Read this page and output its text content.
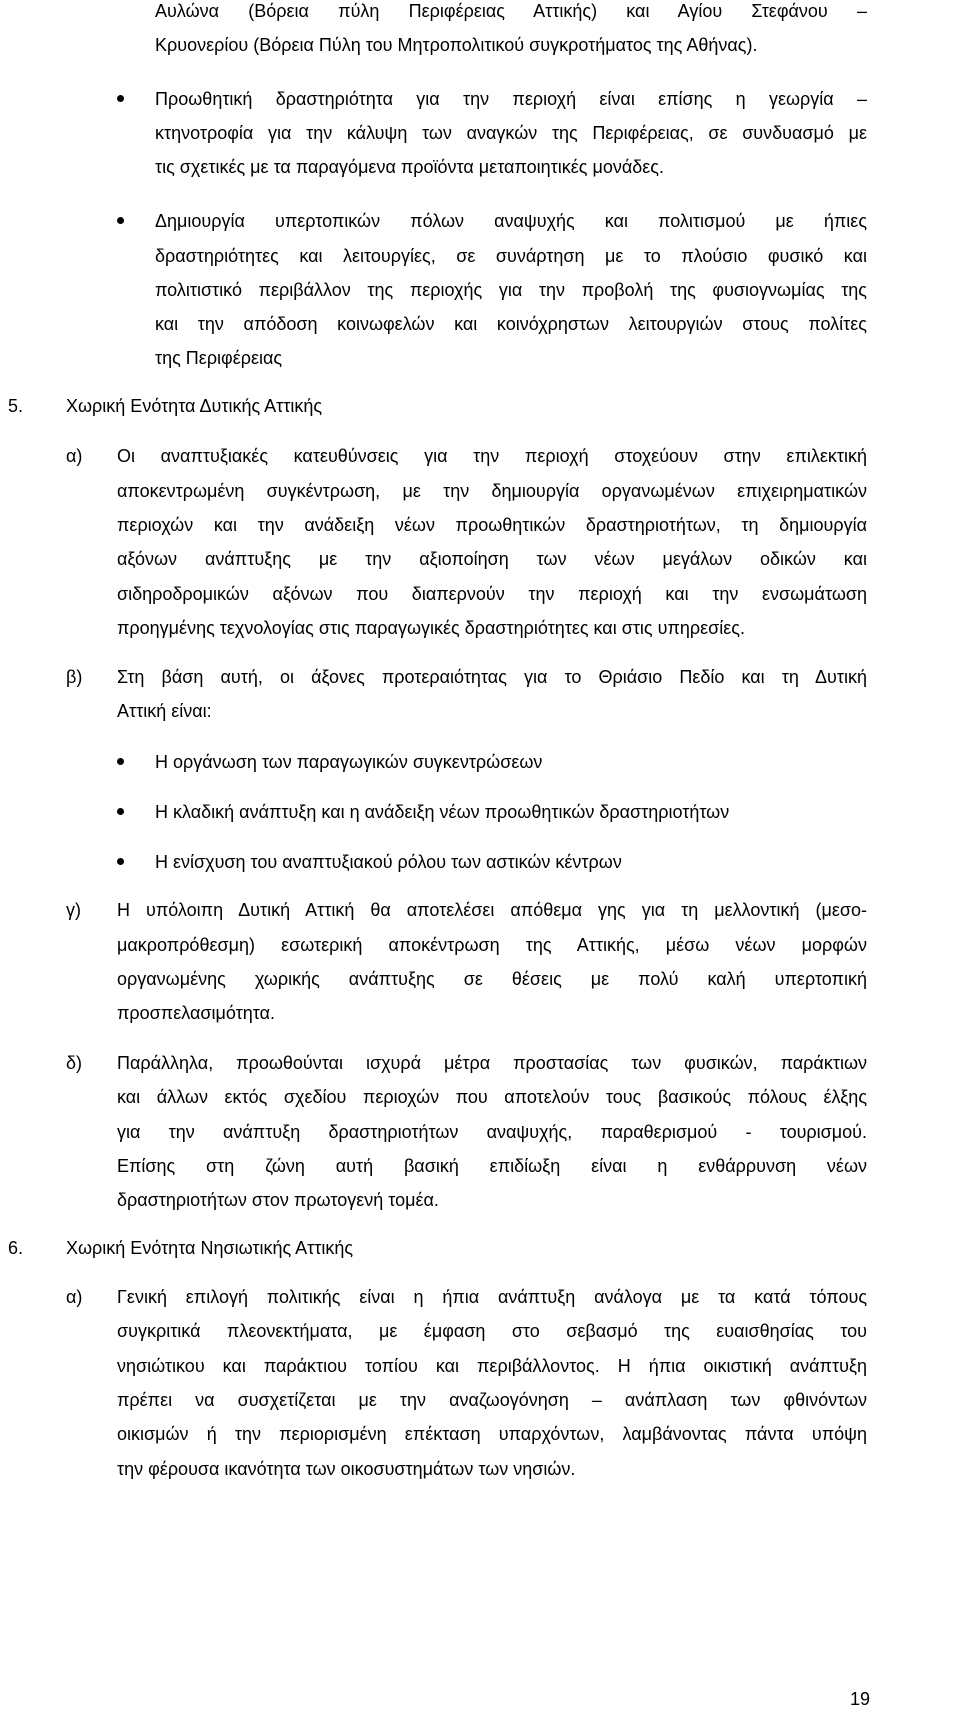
Αυλώνα (Βόρεια πύλη Περιφέρειας Αττικής) και Αγίου Στεφάνου –
Κρυονερίου (Βόρεια Πύλη του Μητροπολιτικού συγκροτήματος της Αθήνας).
Προωθητική δραστηριότητα για την περιοχή είναι επίσης η γεωργία –
κτηνοτροφία για την κάλυψη των αναγκών της Περιφέρειας, σε συνδυασμό με
τις σχετικές με τα παραγόμενα προϊόντα μεταποιητικές μονάδες.
Δημιουργία υπερτοπικών πόλων αναψυχής και πολιτισμού με ήπιες
δραστηριότητες και λειτουργίες, σε συνάρτηση με το πλούσιο φυσικό και
πολιτιστικό περιβάλλον της περιοχής για την προβολή της φυσιογνωμίας της
και την απόδοση κοινωφελών και κοινόχρηστων λειτουργιών στους πολίτες
της Περιφέρειας
5. Χωρική Ενότητα Δυτικής Αττικής
α) Οι αναπτυξιακές κατευθύνσεις για την περιοχή στοχεύουν στην επιλεκτική
αποκεντρωμένη συγκέντρωση, με την δημιουργία οργανωμένων επιχειρηματικών
περιοχών και την ανάδειξη νέων προωθητικών δραστηριοτήτων, τη δημιουργία
αξόνων ανάπτυξης με την αξιοποίηση των νέων μεγάλων οδικών και
σιδηροδρομικών αξόνων που διαπερνούν την περιοχή και την ενσωμάτωση
προηγμένης τεχνολογίας στις παραγωγικές δραστηριότητες και στις υπηρεσίες.
β) Στη βάση αυτή, οι άξονες προτεραιότητας για το Θριάσιο Πεδίο και τη Δυτική
Αττική είναι:
Η οργάνωση των παραγωγικών συγκεντρώσεων
Η κλαδική ανάπτυξη και η ανάδειξη νέων προωθητικών δραστηριοτήτων
Η ενίσχυση του αναπτυξιακού ρόλου των αστικών κέντρων
γ) Η υπόλοιπη Δυτική Αττική θα αποτελέσει απόθεμα γης για τη μελλοντική (μεσο-
μακροπρόθεσμη) εσωτερική αποκέντρωση της Αττικής, μέσω νέων μορφών
οργανωμένης χωρικής ανάπτυξης σε θέσεις με πολύ καλή υπερτοπική
προσπελασιμότητα.
δ) Παράλληλα, προωθούνται ισχυρά μέτρα προστασίας των φυσικών, παράκτιων
και άλλων εκτός σχεδίου περιοχών που αποτελούν τους βασικούς πόλους έλξης
για την ανάπτυξη δραστηριοτήτων αναψυχής, παραθερισμού - τουρισμού.
Επίσης στη ζώνη αυτή βασική επιδίωξη είναι η ενθάρρυνση νέων
δραστηριοτήτων στον πρωτογενή τομέα.
6. Χωρική Ενότητα Νησιωτικής Αττικής
α) Γενική επιλογή πολιτικής είναι η ήπια ανάπτυξη ανάλογα με τα κατά τόπους
συγκριτικά πλεονεκτήματα, με έμφαση στο σεβασμό της ευαισθησίας του
νησιώτικου και παράκτιου τοπίου και περιβάλλοντος. Η ήπια οικιστική ανάπτυξη
πρέπει να συσχετίζεται με την αναζωογόνηση – ανάπλαση των φθινόντων
οικισμών ή την περιορισμένη επέκταση υπαρχόντων, λαμβάνοντας πάντα υπόψη
την φέρουσα ικανότητα των οικοσυστημάτων των νησιών.
19
